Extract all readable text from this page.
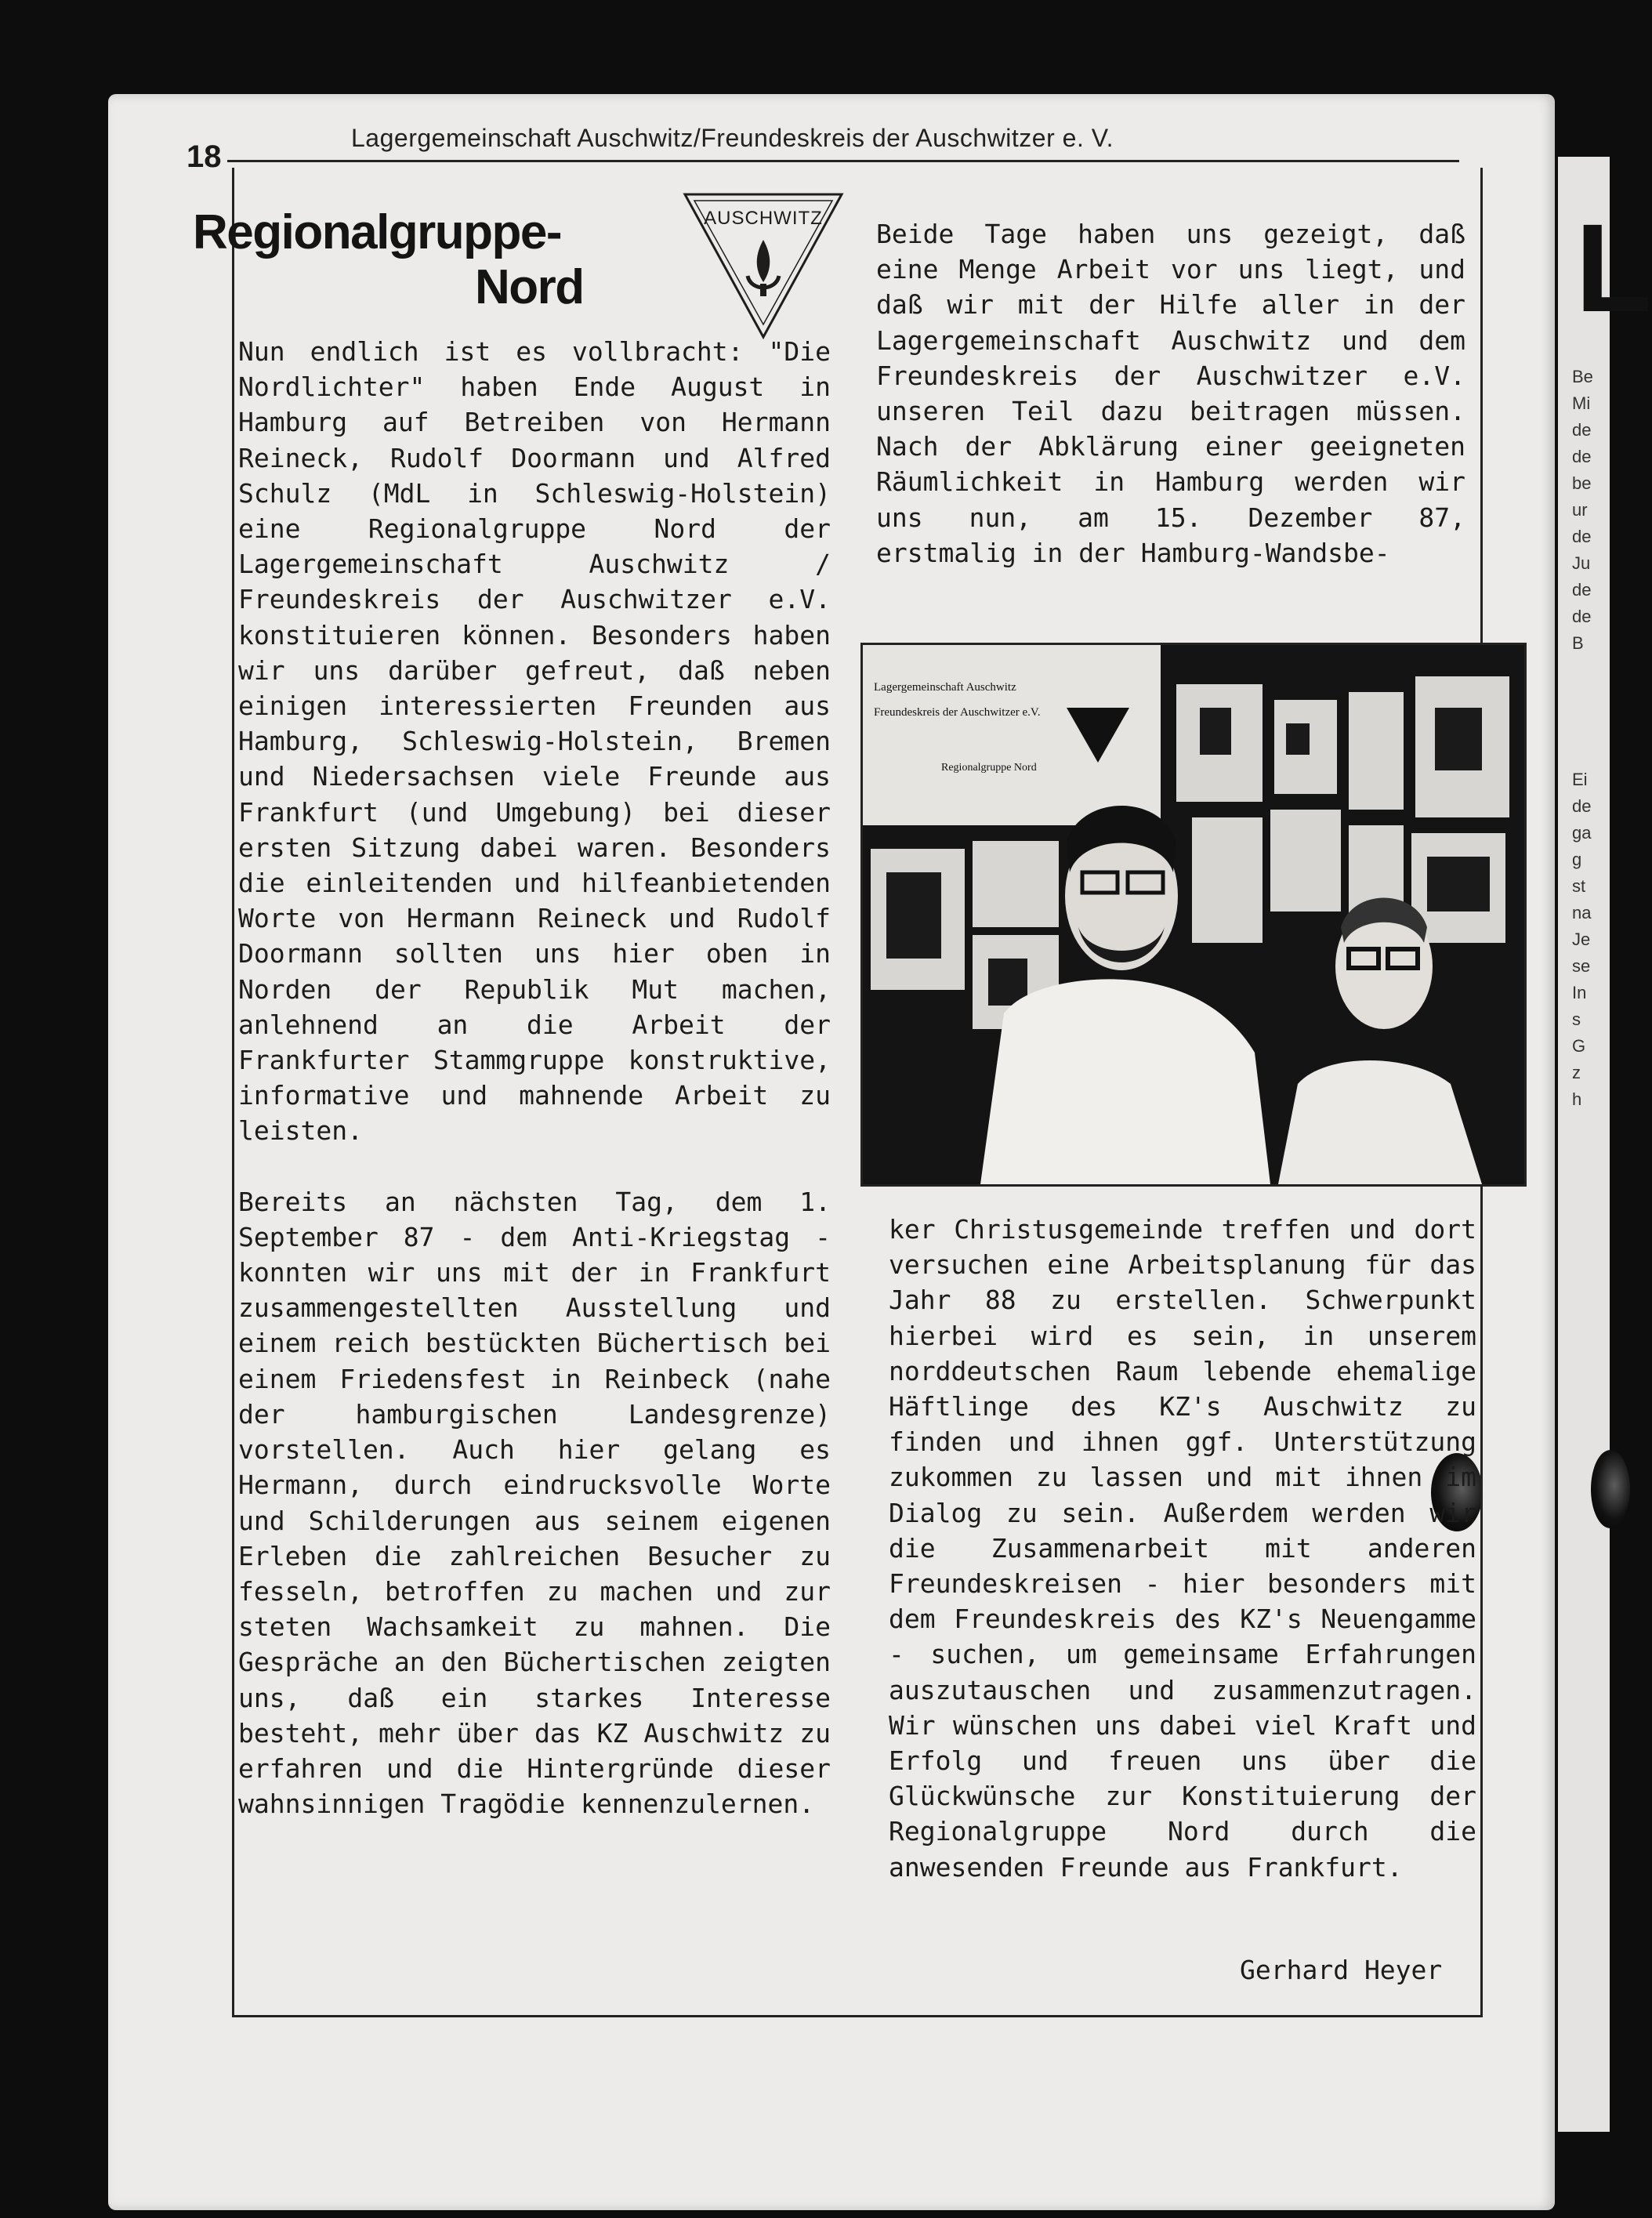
L
Be
Mi
de
de
be
ur
de
Ju
de
de
B
Ei
de
ga
g
st
na
Je
se
In
s
G
z
h
18
Lagergemeinschaft Auschwitz/Freundeskreis der Auschwitzer e. V.
Regionalgruppe-
Nord
AUSCHWITZ

Nun endlich ist es vollbracht: "Die Nordlichter" haben Ende August in Hamburg auf Betreiben von Hermann Reineck, Rudolf Doormann und Alfred Schulz (MdL in Schleswig-Holstein) eine Regionalgruppe Nord der Lagergemeinschaft Auschwitz / Freundeskreis der Auschwitzer e.V. konstituieren können. Besonders haben wir uns darüber gefreut, daß neben einigen interessierten Freunden aus Hamburg, Schleswig-Holstein, Bremen und Niedersachsen viele Freunde aus Frankfurt (und Umgebung) bei dieser ersten Sitzung dabei waren. Besonders die einleitenden und hilfeanbietenden Worte von Hermann Reineck und Rudolf Doormann sollten uns hier oben in Norden der Republik Mut machen, anlehnend an die Arbeit der Frankfurter Stammgruppe konstruktive, informative und mahnende Arbeit zu leisten.

Bereits an nächsten Tag, dem 1. September 87 - dem Anti-Kriegstag - konnten wir uns mit der in Frankfurt zusammengestellten Ausstellung und einem reich bestückten Büchertisch bei einem Friedensfest in Reinbeck (nahe der hamburgischen Landesgrenze) vorstellen. Auch hier gelang es Hermann, durch eindrucksvolle Worte und Schilderungen aus seinem eigenen Erleben die zahlreichen Besucher zu fesseln, betroffen zu machen und zur steten Wachsamkeit zu mahnen. Die Gespräche an den Büchertischen zeigten uns, daß ein starkes Interesse besteht, mehr über das KZ Auschwitz zu erfahren und die Hintergründe dieser wahnsinnigen Tragödie kennenzulernen.

Beide Tage haben uns gezeigt, daß eine Menge Arbeit vor uns liegt, und daß wir mit der Hilfe aller in der Lagergemeinschaft Auschwitz und dem Freundeskreis der Auschwitzer e.V. unseren Teil dazu beitragen müssen. Nach der Abklärung einer geeigneten Räumlichkeit in Hamburg werden wir uns nun, am 15. Dezember 87, erstmalig in der Hamburg-Wandsbe-

Lagergemeinschaft Auschwitz
Freundeskreis der Auschwitzer e.V.
Regionalgruppe Nord

ker Christusgemeinde treffen und dort versuchen eine Arbeitsplanung für das Jahr 88 zu erstellen. Schwerpunkt hierbei wird es sein, in unserem norddeutschen Raum lebende ehemalige Häftlinge des KZ's Auschwitz zu finden und ihnen ggf. Unterstützung zukommen zu lassen und mit ihnen im Dialog zu sein. Außerdem werden wir die Zusammenarbeit mit anderen Freundeskreisen - hier besonders mit dem Freundeskreis des KZ's Neuengamme - suchen, um gemeinsame Erfahrungen auszutauschen und zusammenzutragen. Wir wünschen uns dabei viel Kraft und Erfolg und freuen uns über die Glückwünsche zur Konstituierung der Regionalgruppe Nord durch die anwesenden Freunde aus Frankfurt.

Gerhard Heyer
